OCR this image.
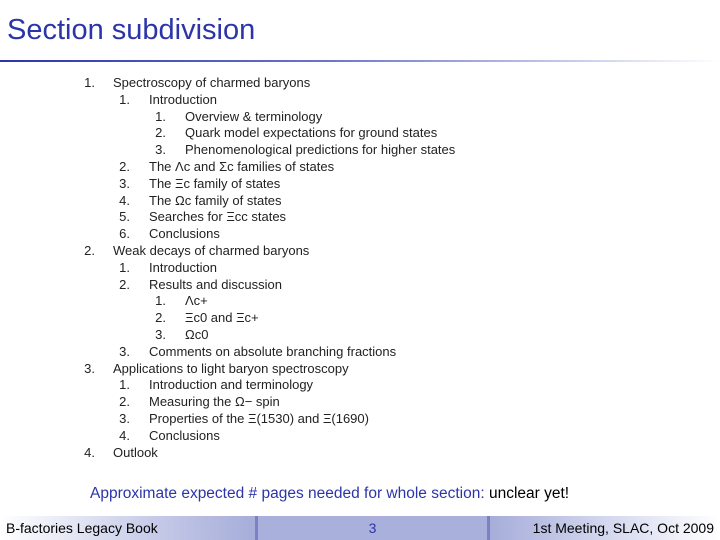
Section subdivision
1. Spectroscopy of charmed baryons
1. Introduction
1. Overview & terminology
2. Quark model expectations for ground states
3. Phenomenological predictions for higher states
2. The Λc and Σc families of states
3. The Ξc family of states
4. The Ωc family of states
5. Searches for Ξcc states
6. Conclusions
2. Weak decays of charmed baryons
1. Introduction
2. Results and discussion
1. Λc+
2. Ξc0 and Ξc+
3. Ωc0
3. Comments on absolute branching fractions
3. Applications to light baryon spectroscopy
1. Introduction and terminology
2. Measuring the Ω− spin
3. Properties of the Ξ(1530) and Ξ(1690)
4. Conclusions
4. Outlook
Approximate expected # pages needed for whole section: unclear yet!
B-factories Legacy Book	3	1st Meeting, SLAC, Oct 2009
